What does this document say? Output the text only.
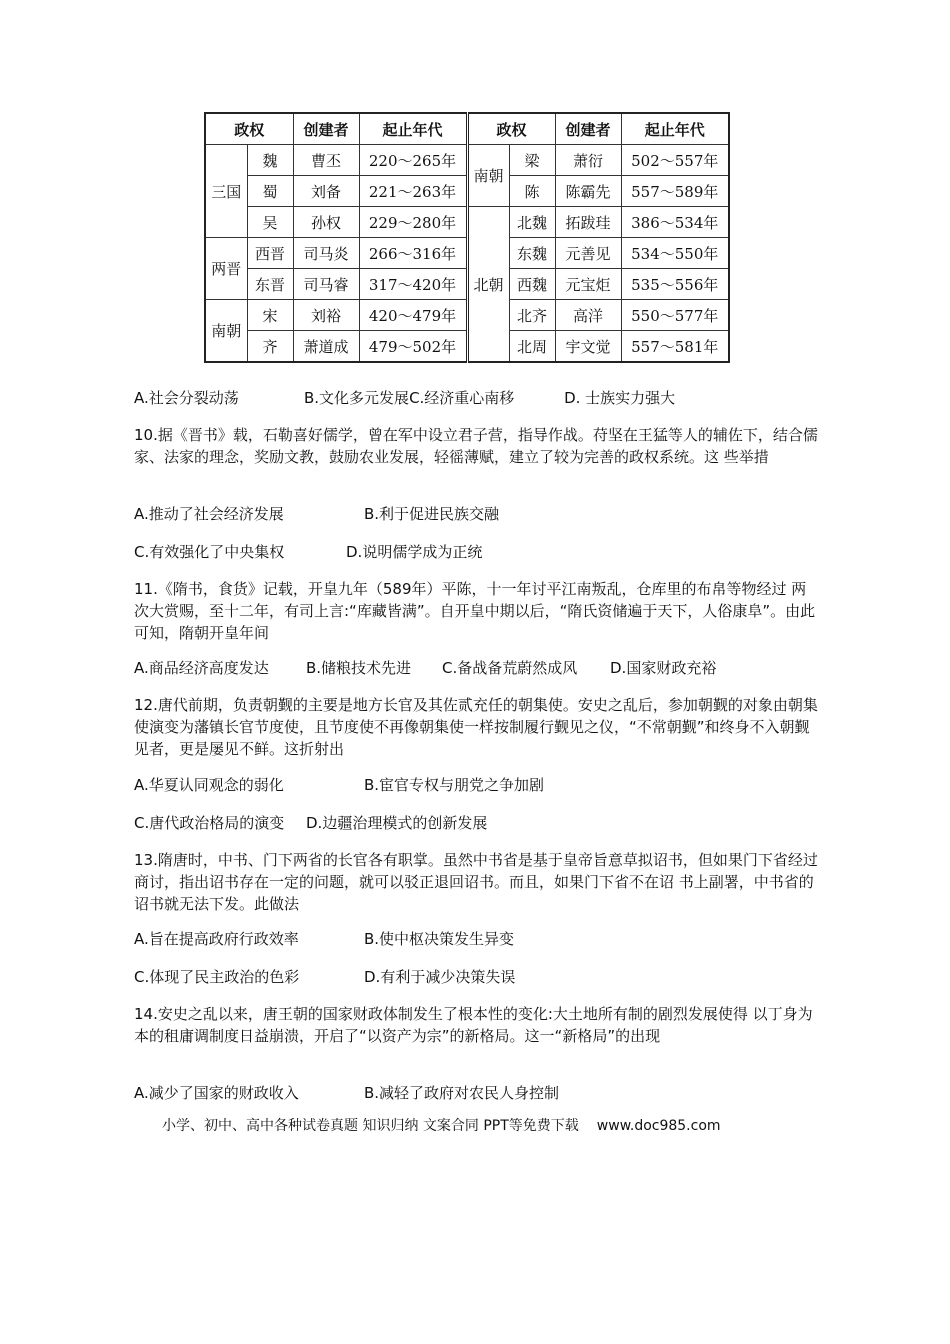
政权		创建者	起止年代	政权		创建者	起止年代
三国	魏	曹丕	220～265年	南朝	梁	萧衍	502～557年
	蜀	刘备	221～263年		陈	陈霸先	557～589年
	吴	孙权	229～280年	北朝	北魏	拓跋珪	386～534年
两晋	西晋	司马炎	266～316年		东魏	元善见	534～550年
	东晋	司马睿	317～420年		西魏	元宝炬	535～556年
南朝	宋	刘裕	420～479年		北齐	高洋	550～577年
	齐	萧道成	479～502年		北周	宇文觉	557～581年
A.社会分裂动荡	B.文化多元发展C.经济重心南移	D. 士族实力强大

10.据《晋书》载，石勒喜好儒学，曾在军中设立君子营，指导作战。苻坚在王猛等人的辅佐下，结合儒家、法家的理念，奖励文教，鼓励农业发展，轻徭薄赋，建立了较为完善的政权系统。这 些举措

A.推动了社会经济发展	B.利于促进民族交融
C.有效强化了中央集权	D.说明儒学成为正统

11.《隋书，食货》记载，开皇九年（589年）平陈，十一年讨平江南叛乱，仓库里的布帛等物经过 两次大赏赐，至十二年，有司上言:“库藏皆满”。自开皇中期以后，“隋氏资储遍于天下，人俗康阜”。由此可知，隋朝开皇年间

A.商品经济高度发达 B.储粮技术先进 C.备战备荒蔚然成风 D.国家财政充裕

12.唐代前期，负责朝觐的主要是地方长官及其佐贰充任的朝集使。安史之乱后，参加朝觐的对象由朝集使演变为藩镇长官节度使，且节度使不再像朝集使一样按制履行觐见之仪，“不常朝觐”和终身不入朝觐见者，更是屡见不鲜。这折射出

A.华夏认同观念的弱化	B.宦官专权与朋党之争加剧
C.唐代政治格局的演变 D.边疆治理模式的创新发展

13.隋唐时，中书、门下两省的长官各有职掌。虽然中书省是基于皇帝旨意草拟诏书，但如果门下省经过商讨，指出诏书存在一定的问题，就可以驳正退回诏书。而且，如果门下省不在诏 书上副署，中书省的诏书就无法下发。此做法

A.旨在提高政府行政效率	B.使中枢决策发生异变
C.体现了民主政治的色彩	D.有利于减少决策失误

14.安史之乱以来，唐王朝的国家财政体制发生了根本性的变化:大土地所有制的剧烈发展使得 以丁身为本的租庸调制度日益崩溃，开启了“以资产为宗”的新格局。这一“新格局”的出现

A.减少了国家的财政收入	B.减轻了政府对农民人身控制
小学、初中、高中各种试卷真题 知识归纳 文案合同 PPT等免费下载 www.doc985.com
